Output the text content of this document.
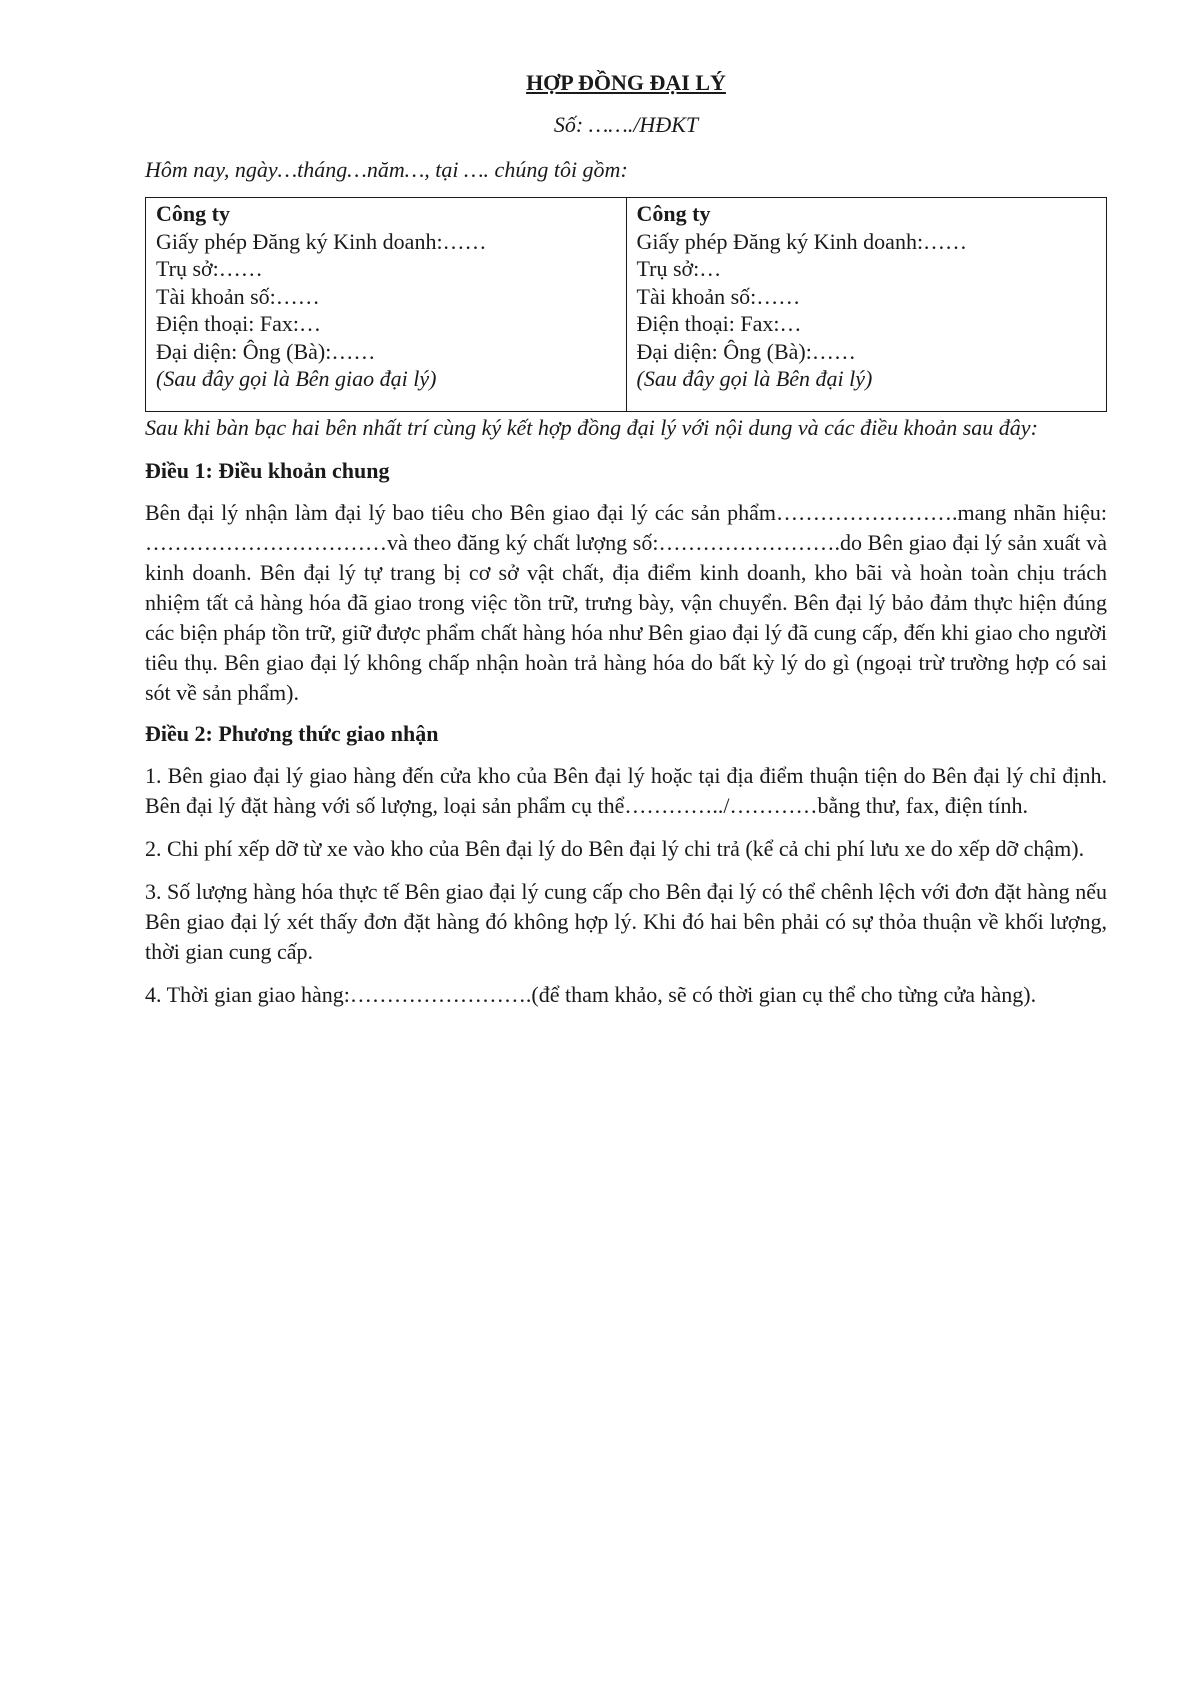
HỢP ĐỒNG ĐẠI LÝ
Số: ……./HĐKT
Hôm nay, ngày…tháng…năm…, tại …. chúng tôi gồm:
Công ty
Giấy phép Đăng ký Kinh doanh:……
Trụ sở:……
Tài khoản số:……
Điện thoại: Fax:…
Đại diện: Ông (Bà):……
(Sau đây gọi là Bên giao đại lý)

Công ty
Giấy phép Đăng ký Kinh doanh:……
Trụ sở:…
Tài khoản số:……
Điện thoại: Fax:…
Đại diện: Ông (Bà):……
(Sau đây gọi là Bên đại lý)
Sau khi bàn bạc hai bên nhất trí cùng ký kết hợp đồng đại lý với nội dung và các điều khoản sau đây:
Điều 1: Điều khoản chung
Bên đại lý nhận làm đại lý bao tiêu cho Bên giao đại lý các sản phẩm…………………….mang nhãn hiệu: ……………………………và theo đăng ký chất lượng số:…………………….do Bên giao đại lý sản xuất và kinh doanh. Bên đại lý tự trang bị cơ sở vật chất, địa điểm kinh doanh, kho bãi và hoàn toàn chịu trách nhiệm tất cả hàng hóa đã giao trong việc tồn trữ, trưng bày, vận chuyển. Bên đại lý bảo đảm thực hiện đúng các biện pháp tồn trữ, giữ được phẩm chất hàng hóa như Bên giao đại lý đã cung cấp, đến khi giao cho người tiêu thụ. Bên giao đại lý không chấp nhận hoàn trả hàng hóa do bất kỳ lý do gì (ngoại trừ trường hợp có sai sót về sản phẩm).
Điều 2: Phương thức giao nhận
1. Bên giao đại lý giao hàng đến cửa kho của Bên đại lý hoặc tại địa điểm thuận tiện do Bên đại lý chỉ định. Bên đại lý đặt hàng với số lượng, loại sản phẩm cụ thể…………../…………bằng thư, fax, điện tính.
2. Chi phí xếp dỡ từ xe vào kho của Bên đại lý do Bên đại lý chi trả (kể cả chi phí lưu xe do xếp dỡ chậm).
3. Số lượng hàng hóa thực tế Bên giao đại lý cung cấp cho Bên đại lý có thể chênh lệch với đơn đặt hàng nếu Bên giao đại lý xét thấy đơn đặt hàng đó không hợp lý. Khi đó hai bên phải có sự thỏa thuận về khối lượng, thời gian cung cấp.
4. Thời gian giao hàng:…………………….(để tham khảo, sẽ có thời gian cụ thể cho từng cửa hàng).
